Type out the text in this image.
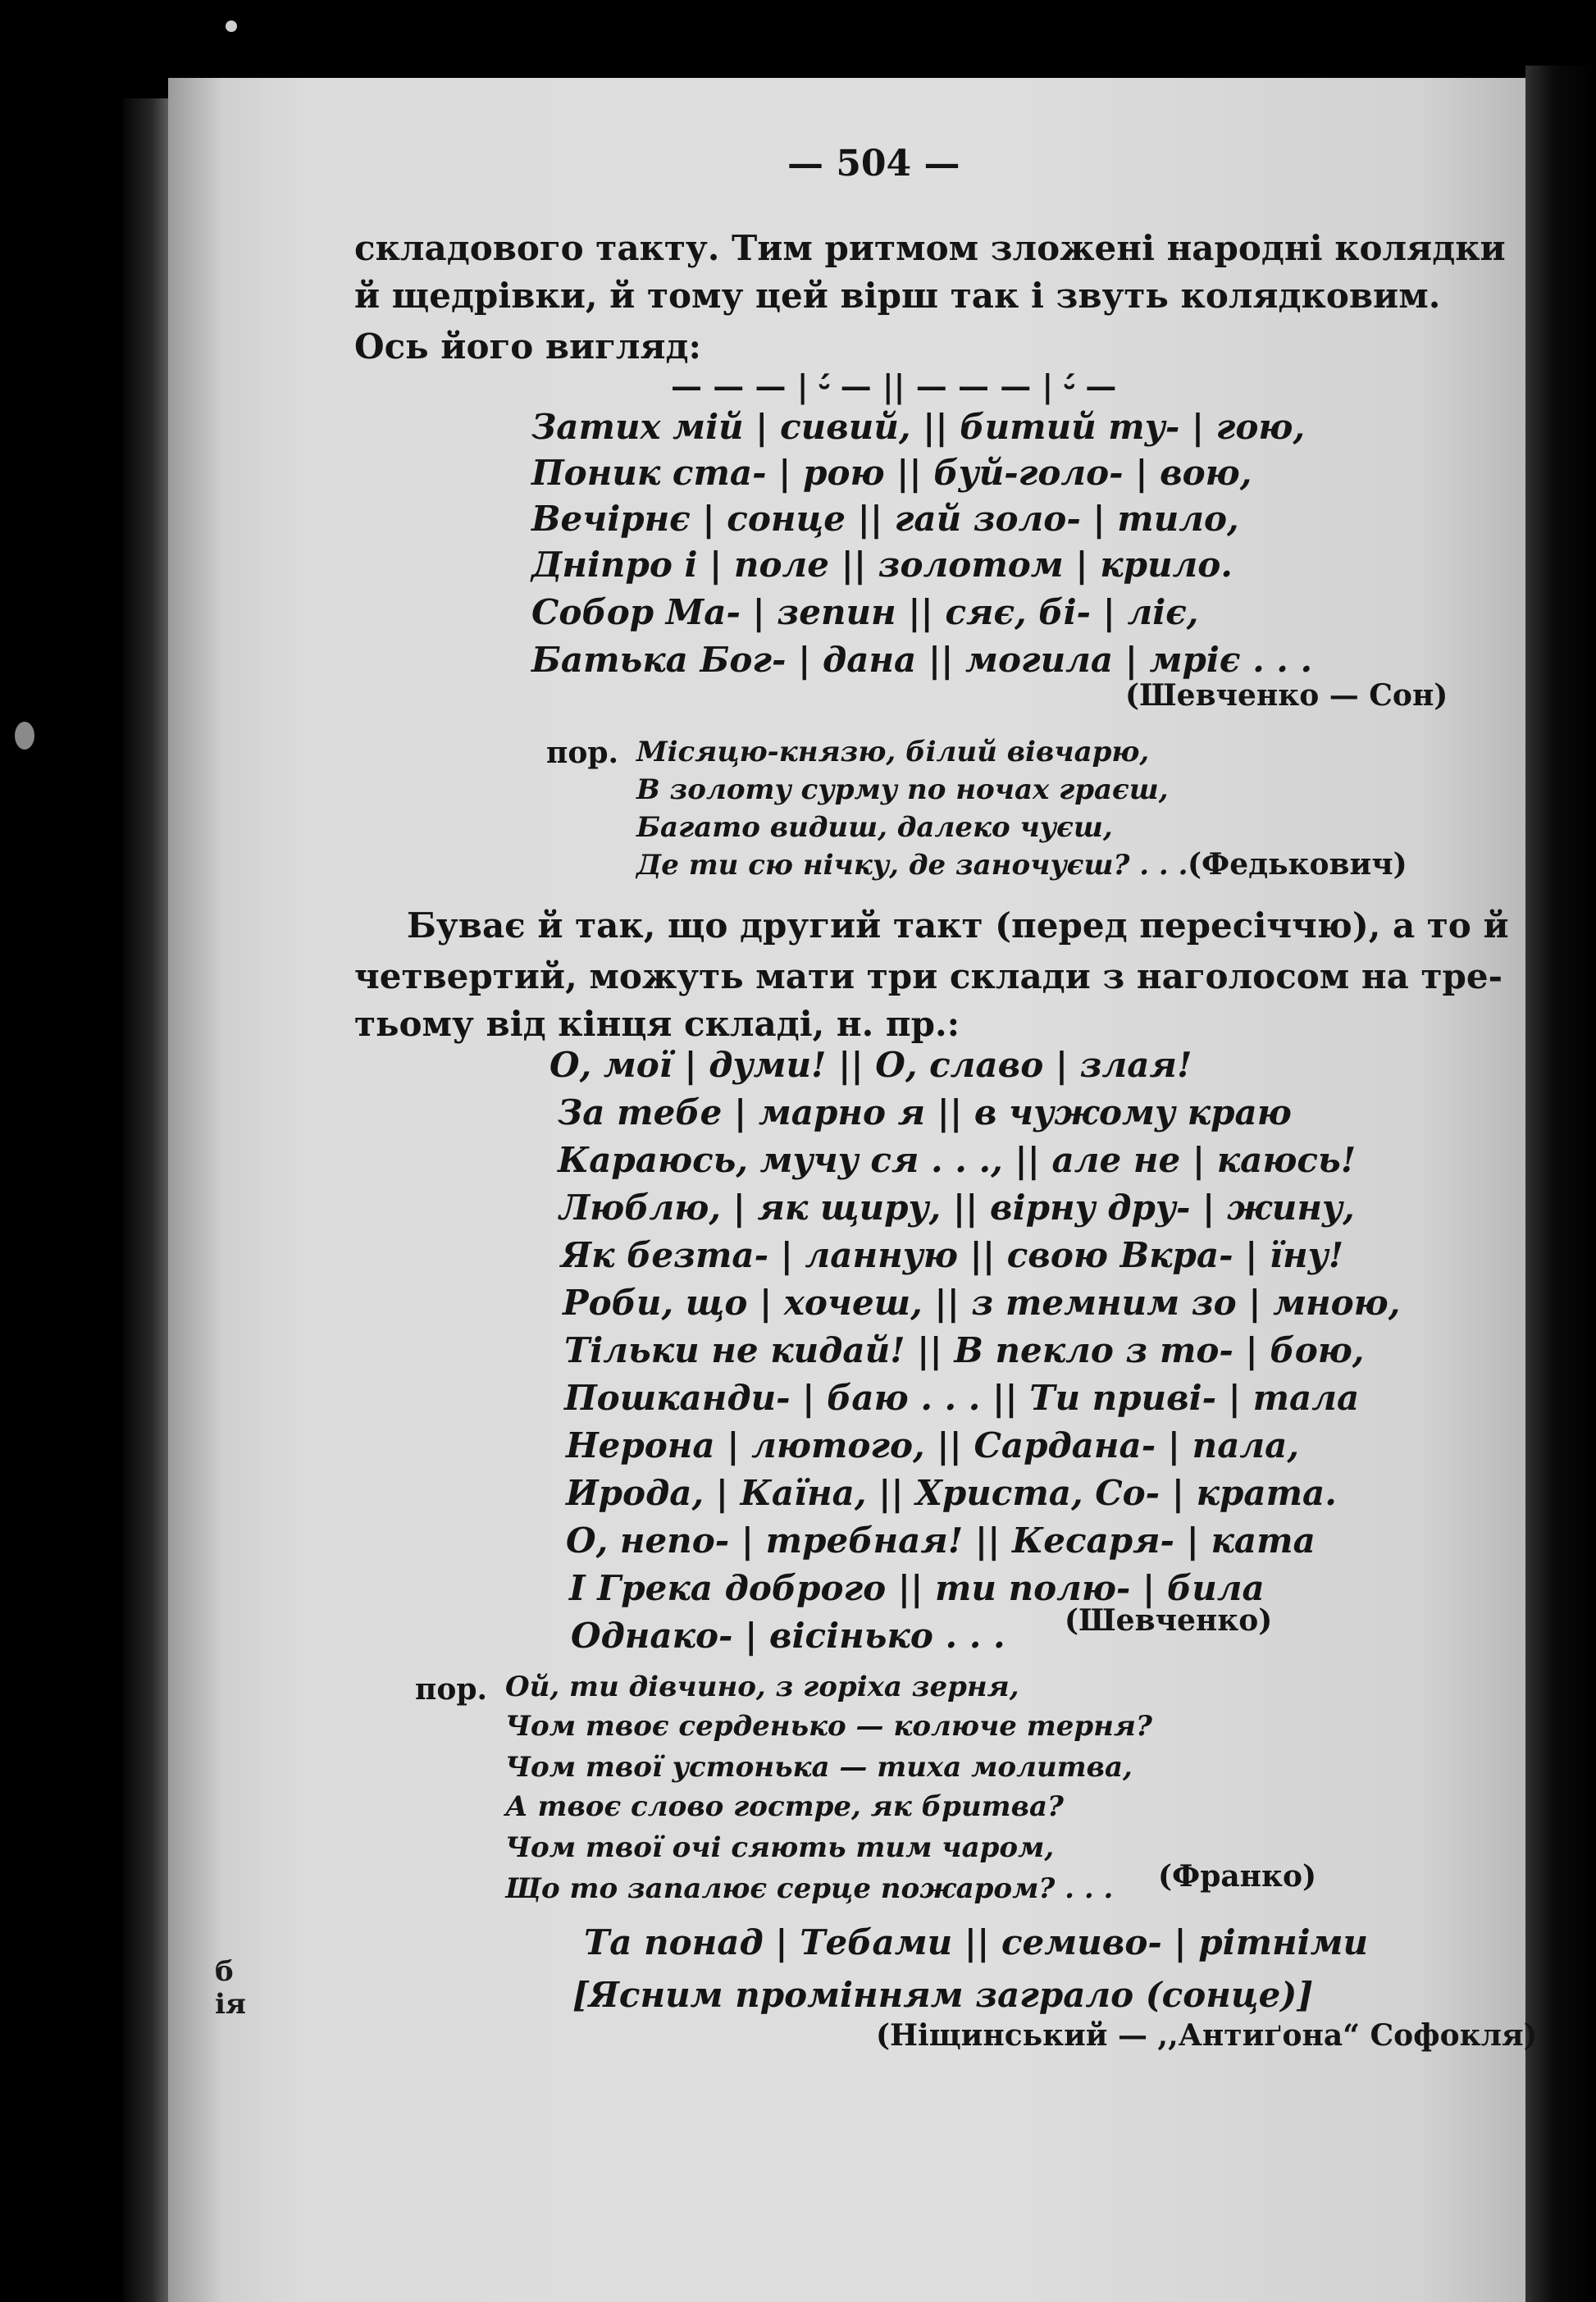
— 504 —
складового такту. Тим ритмом зложені народні колядки
й щедрівки, й тому цей вірш так і звуть колядковим.
Ось його вигляд:
— — — | ⏑́ — || — — — | ⏑́ —
Затих мій | сивий, || битий ту- | гою,
Поник ста- | рою || буй-голо- | вою,
Вечірнє | сонце || гай золо- | тило,
Дніпро і | поле || золотом | крило.
Собор Ма- | зепин || сяє, бі- | ліє,
Батька Бог- | дана || могила | мріє . . .
(Шевченко — Сон)
пор. Місяцю-князю, білий вівчарю,
В золоту сурму по ночах граєш,
Багато видиш, далеко чуєш,
Де ти сю нічку, де заночуєш? . . . (Федькович)
Буває й так, що другий такт (перед пересіччю), а то й
четвертий, можуть мати три склади з наголосом на тре-
тьому від кінця складі, н. пр.:
О, мої | думи! || О, славо | злая!
За тебе | марно я || в чужому краю
Караюсь, мучу ся . . ., || але не | каюсь!
Люблю, | як щиру, || вірну дру- | жину,
Як безта- | ланную || свою Вкра- | їну!
Роби, що | хочеш, || з темним зо | мною,
Тільки не кидай! || В пекло з то- | бою,
Пошканди- | баю . . . || Ти приві- | тала
Нерона | лютого, || Сардана- | пала,
Ирода, | Каїна, || Христа, Со- | крата.
О, непо- | требная! || Кесаря- | ката
І Грека доброго || ти полю- | била
Однако- | вісінько . . . (Шевченко)
пор. Ой, ти дівчино, з горіха зерня,
Чом твоє серденько — колюче терня?
Чом твої устонька — тиха молитва,
А твоє слово гостре, як бритва?
Чом твої очі сяють тим чаром,
Що то запалює серце пожаром? . . . (Франко)
Та понад | Тебами || семиво- | рітніми
[Ясним промінням заграло (сонце)]
(Ніщинський — ,,Антиґона“ Софокля)
б
ія
